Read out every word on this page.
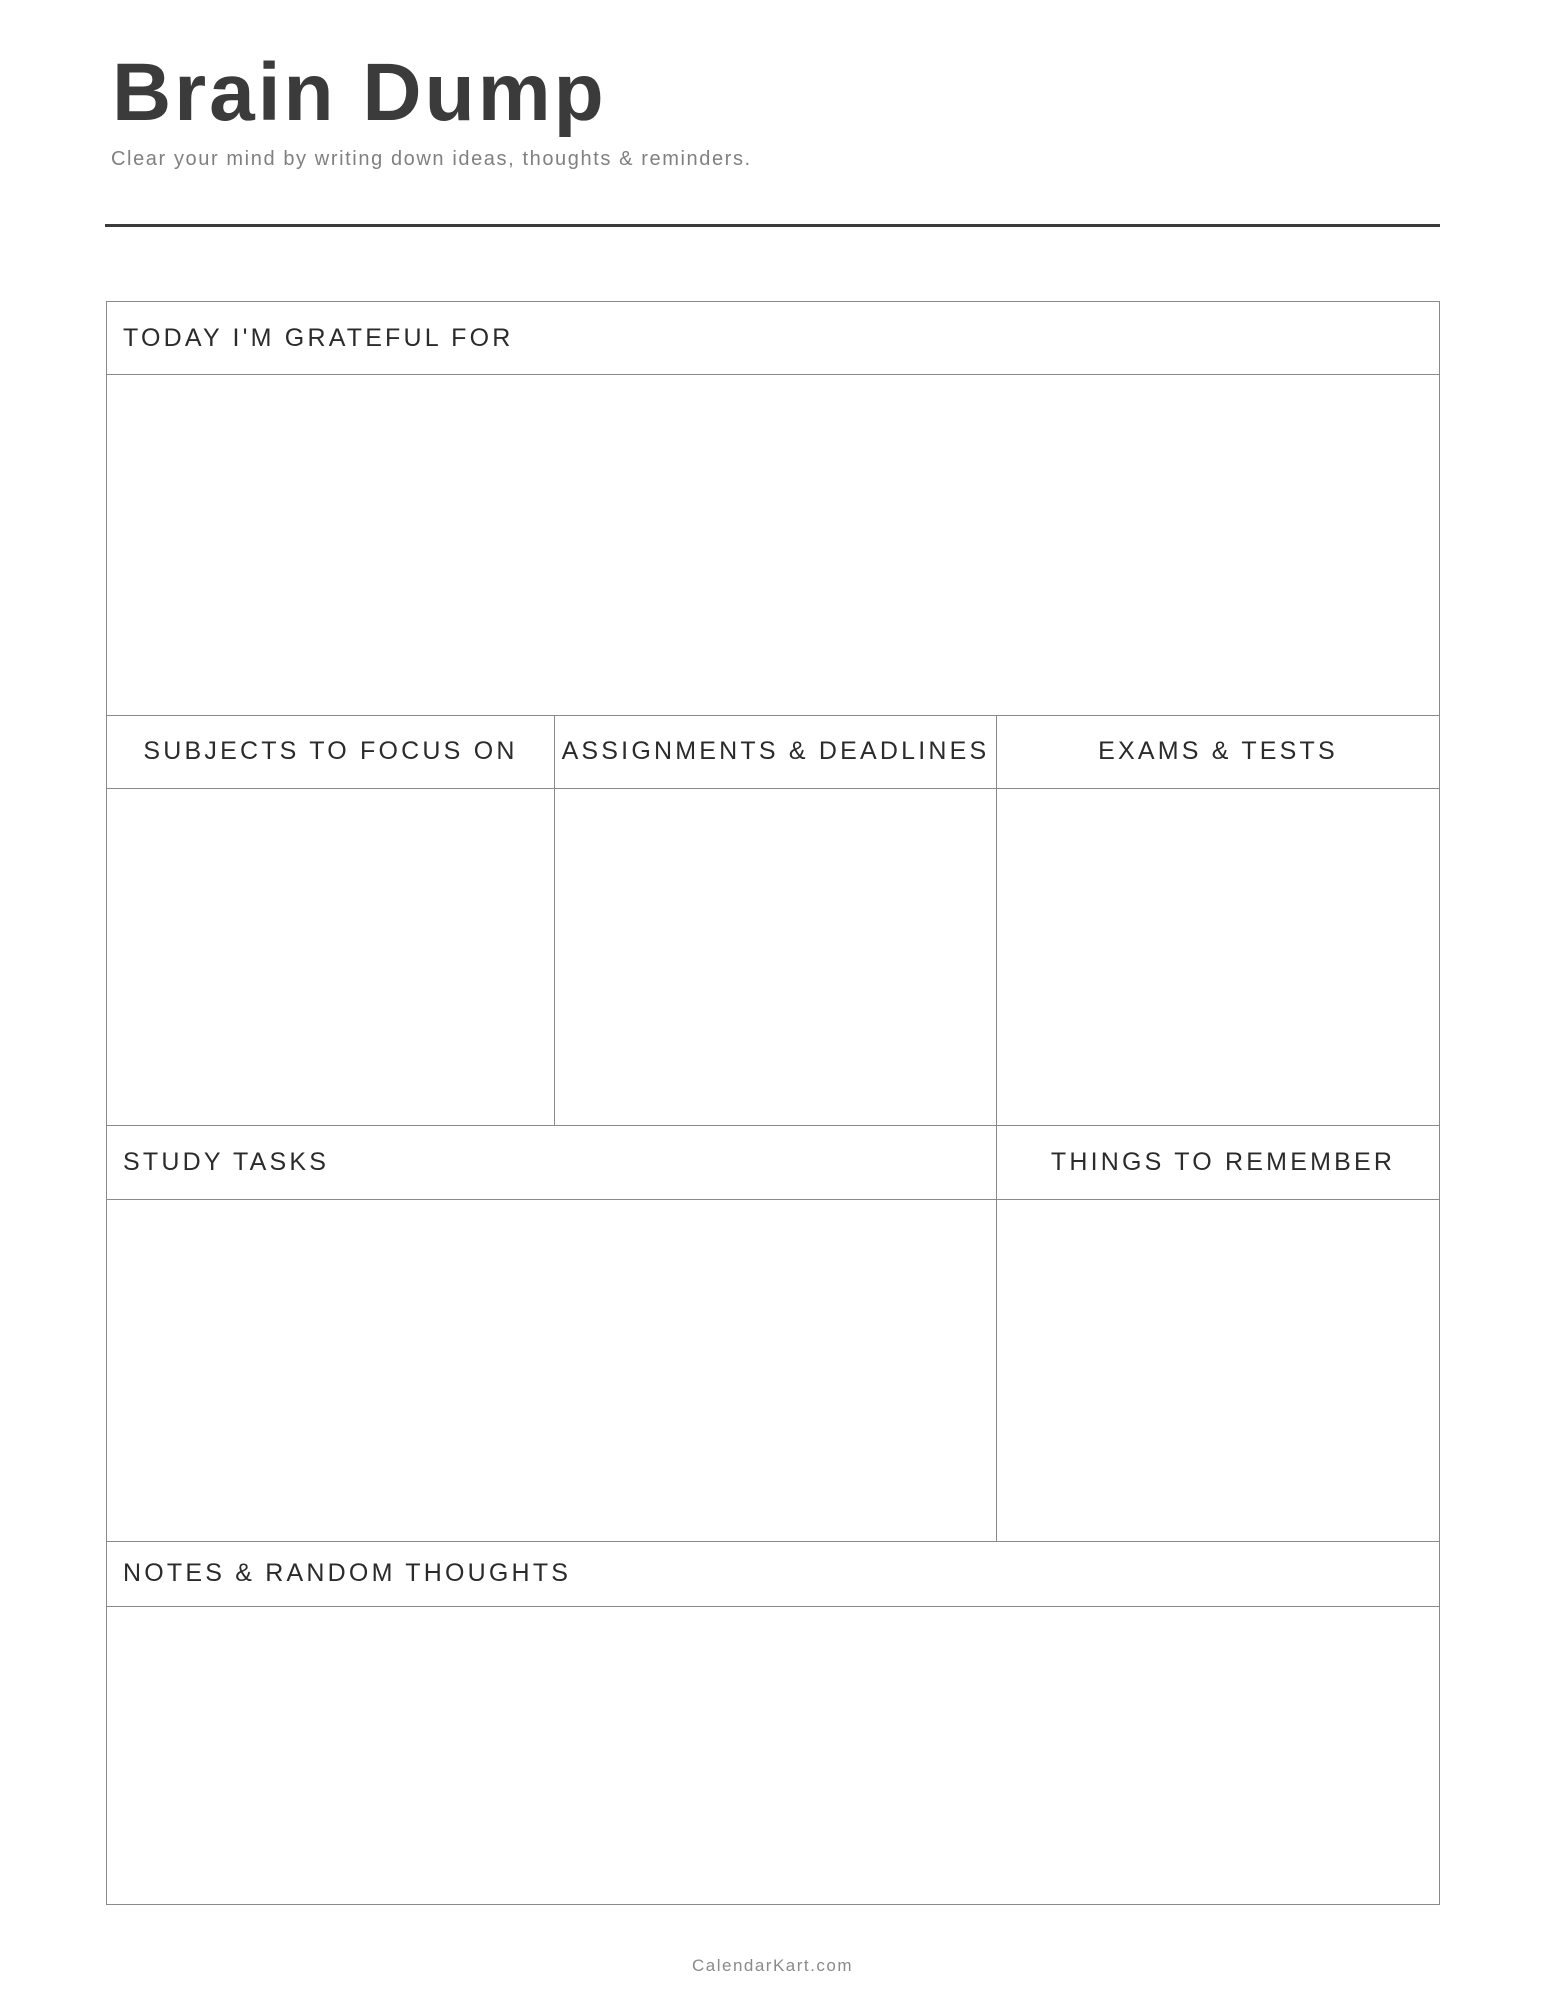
Brain Dump

Clear your mind by writing down ideas, thoughts & reminders.

TODAY I'M GRATEFUL FOR
SUBJECTS TO FOCUS ON	ASSIGNMENTS & DEADLINES	EXAMS & TESTS
STUDY TASKS	THINGS TO REMEMBER
NOTES & RANDOM THOUGHTS
CalendarKart.com
